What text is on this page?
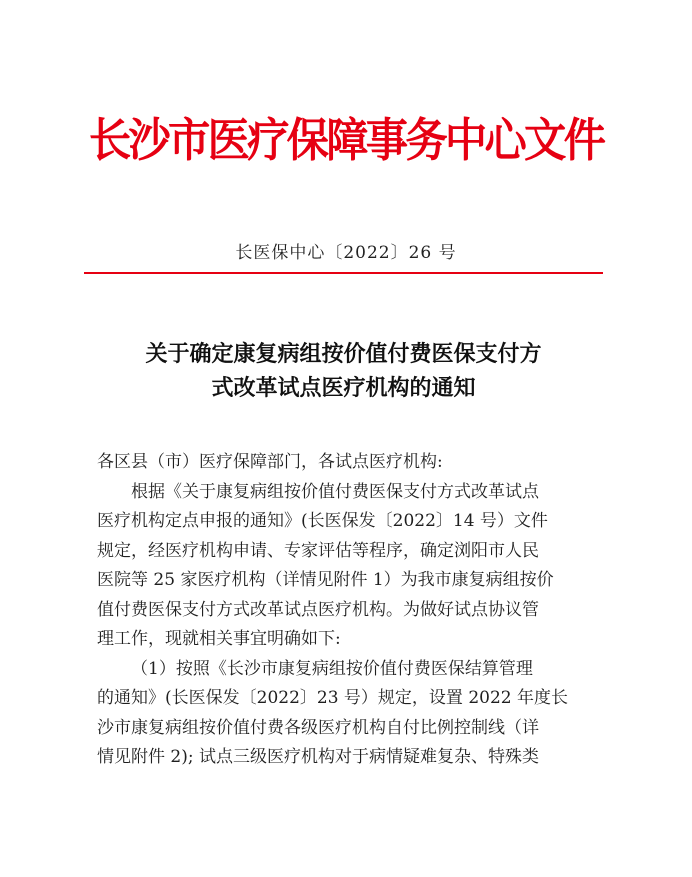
长沙市医疗保障事务中心文件
长医保中心〔2022〕26 号
关于确定康复病组按价值付费医保支付方
式改革试点医疗机构的通知
各区县（市）医疗保障部门，各试点医疗机构:
根据《关于康复病组按价值付费医保支付方式改革试点
医疗机构定点申报的通知》(长医保发〔2022〕14 号）文件
规定，经医疗机构申请、专家评估等程序，确定浏阳市人民
医院等 25 家医疗机构（详情见附件 1）为我市康复病组按价
值付费医保支付方式改革试点医疗机构。为做好试点协议管
理工作，现就相关事宜明确如下:
（1）按照《长沙市康复病组按价值付费医保结算管理
的通知》(长医保发〔2022〕23 号）规定，设置 2022 年度长
沙市康复病组按价值付费各级医疗机构自付比例控制线（详
情见附件 2); 试点三级医疗机构对于病情疑难复杂、特殊类
